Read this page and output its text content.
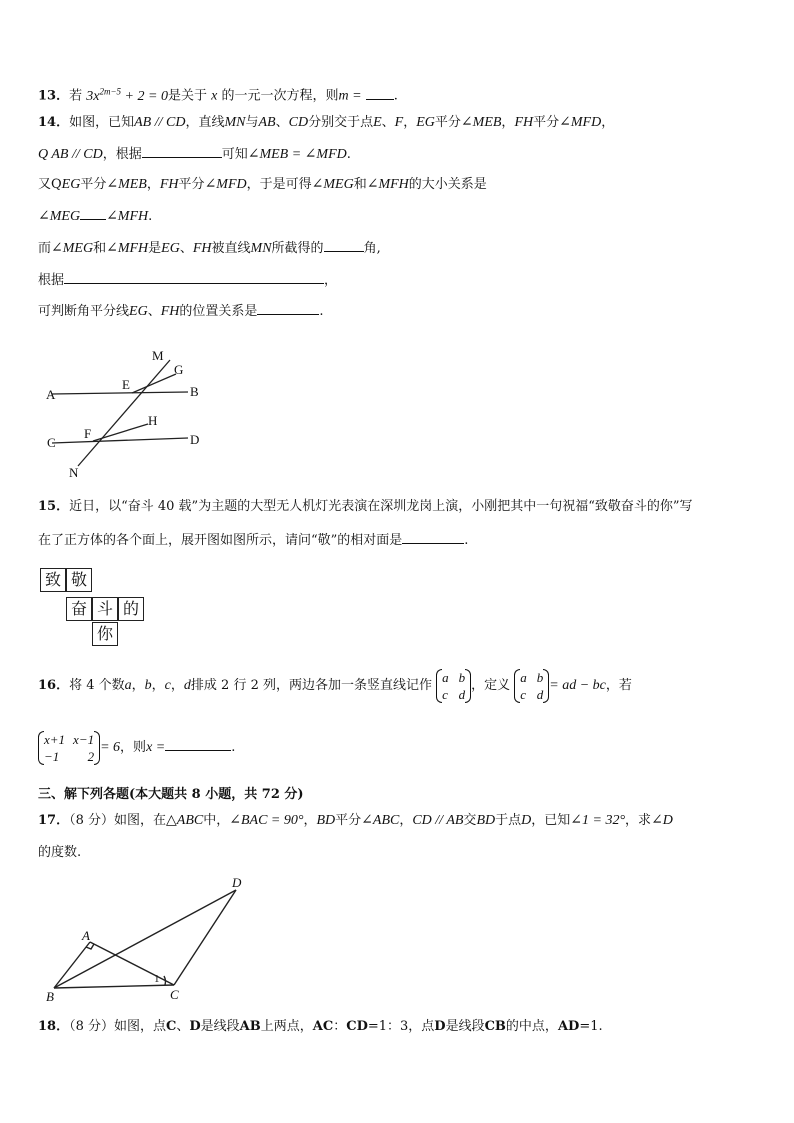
13．若 $3x^{2m-5} + 2 = 0$是关于 x 的一元一次方程，则m = .
14．如图，已知AB // CD，直线MN与AB、CD分别交于点E、F，EG平分∠MEB，FH平分∠MFD，
Q AB // CD，根据	可知∠MEB = ∠MFD.
又QEG平分∠MEB，FH平分∠MFD，于是可得∠MEG和∠MFH的大小关系是
∠MEG ∠MFH.
而∠MEG和∠MFH是EG、FH被直线MN所截得的	角,
根据	，
可判断角平分线EG、FH的位置关系是	.
M
G
A
E	B
H
C
F	D
N
15．近日，以“奋斗 40 载”为主题的大型无人机灯光表演在深圳龙岗上演，小刚把其中一句祝福“致敬奋斗的你”写
在了正方体的各个面上，展开图如图所示，请问“敬”的相对面是	.
致 敬
奋 斗 的
你
16．将 4 个数a，b，c，d排成 2 行 2 列，两边各加一条竖直线记作
a b
c d
，定义
a b
c d
= ad − bc，若
x+1 x−1
−1 2
= 6，则x =	.
三、解下列各题(本大题共 8 小题，共 72 分)
17．（8 分）如图，在△ABC中，∠BAC = 90°，BD平分∠ABC，CD // AB交BD于点D，已知∠1 = 32°，求∠D
的度数.
A
B	C
D
1
18．（8 分）如图，点C、D是线段AB上两点，AC：CD=1：3，点D是线段CB的中点，AD=1.
